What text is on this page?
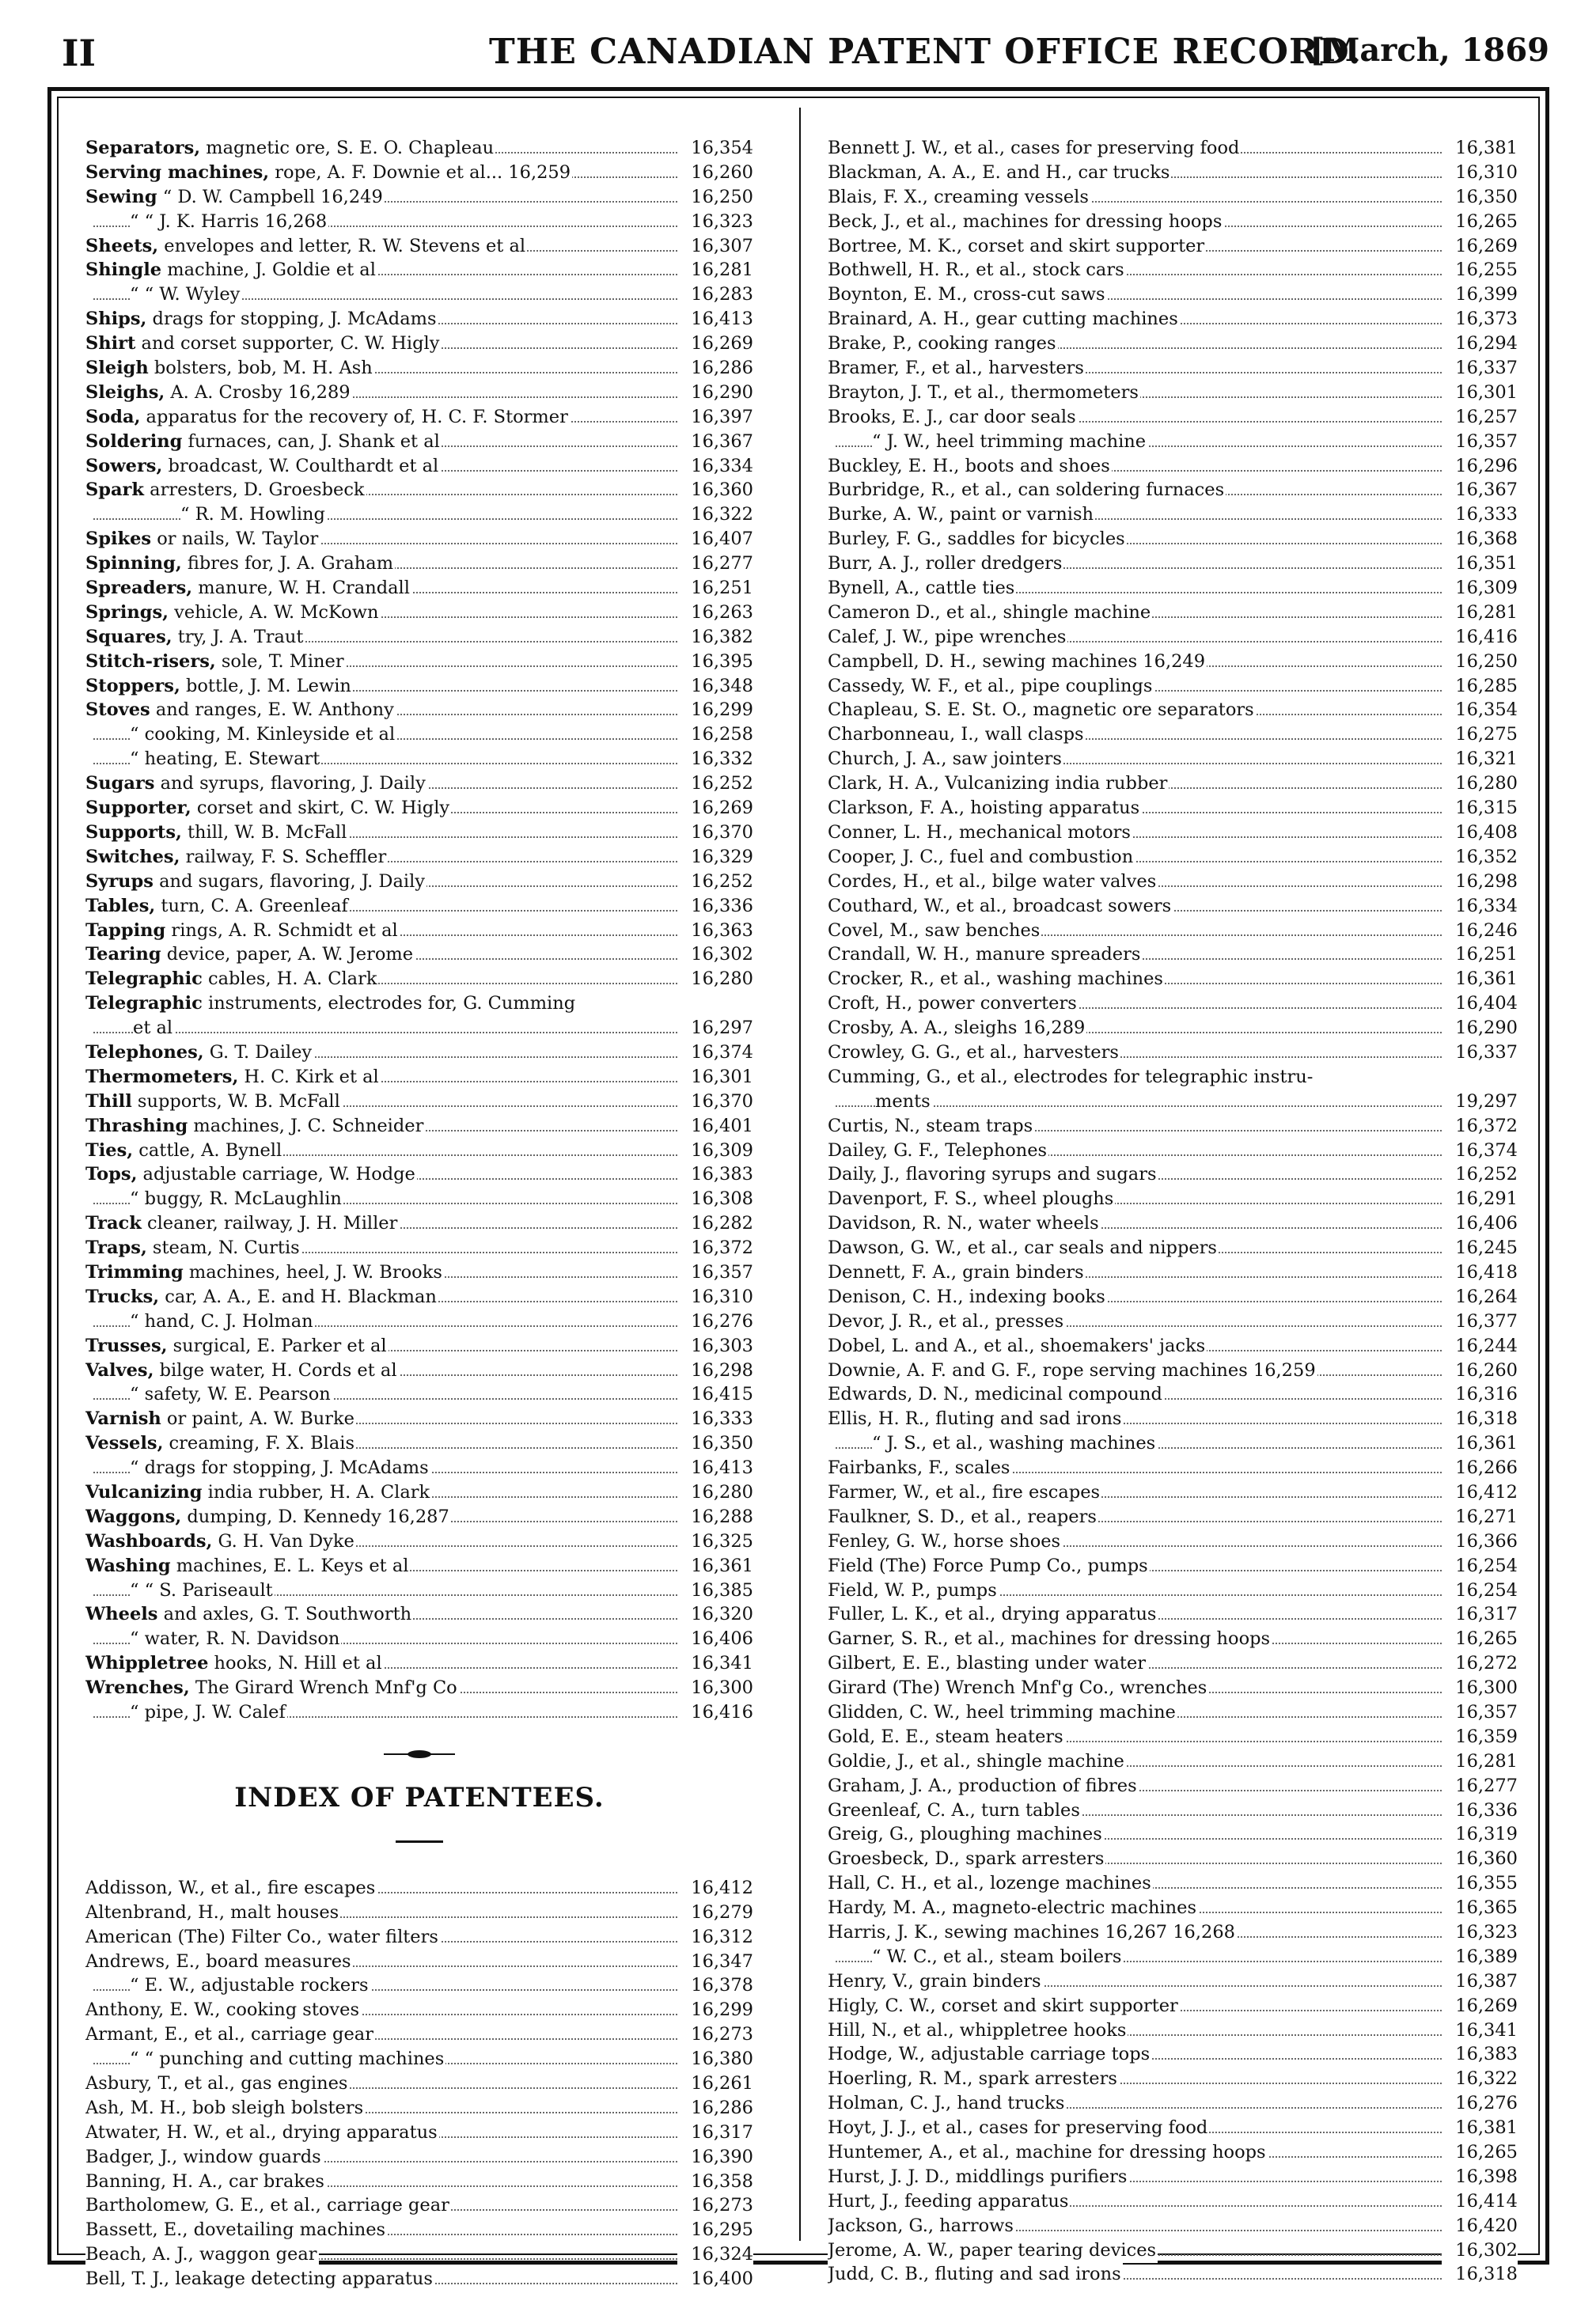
II	THE CANADIAN PATENT OFFICE RECORD.
[March, 1869
Separators, magnetic ore, S. E. O. Chapleau	16,354
Serving machines, rope, A. F. Downie et al... 16,259	16,260
Sewing “ D. W. Campbell 16,249	16,250
“ “ J. K. Harris 16,268	16,323
Sheets, envelopes and letter, R. W. Stevens et al	16,307
Shingle machine, J. Goldie et al	16,281
“ “ W. Wyley	16,283
Ships, drags for stopping, J. McAdams	16,413
Shirt and corset supporter, C. W. Higly	16,269
Sleigh bolsters, bob, M. H. Ash	16,286
Sleighs, A. A. Crosby 16,289	16,290
Soda, apparatus for the recovery of, H. C. F. Stormer	16,397
Soldering furnaces, can, J. Shank et al	16,367
Sowers, broadcast, W. Coulthardt et al	16,334
Spark arresters, D. Groesbeck	16,360
“ R. M. Howling	16,322
Spikes or nails, W. Taylor	16,407
Spinning, fibres for, J. A. Graham	16,277
Spreaders, manure, W. H. Crandall	16,251
Springs, vehicle, A. W. McKown	16,263
Squares, try, J. A. Traut	16,382
Stitch-risers, sole, T. Miner	16,395
Stoppers, bottle, J. M. Lewin	16,348
Stoves and ranges, E. W. Anthony	16,299
“ cooking, M. Kinleyside et al	16,258
“ heating, E. Stewart	16,332
Sugars and syrups, flavoring, J. Daily	16,252
Supporter, corset and skirt, C. W. Higly	16,269
Supports, thill, W. B. McFall	16,370
Switches, railway, F. S. Scheffler	16,329
Syrups and sugars, flavoring, J. Daily	16,252
Tables, turn, C. A. Greenleaf	16,336
Tapping rings, A. R. Schmidt et al	16,363
Tearing device, paper, A. W. Jerome	16,302
Telegraphic cables, H. A. Clark	16,280
Telegraphic instruments, electrodes for, G. Cumming
et al	16,297
Telephones, G. T. Dailey	16,374
Thermometers, H. C. Kirk et al	16,301
Thill supports, W. B. McFall	16,370
Thrashing machines, J. C. Schneider	16,401
Ties, cattle, A. Bynell	16,309
Tops, adjustable carriage, W. Hodge	16,383
“ buggy, R. McLaughlin	16,308
Track cleaner, railway, J. H. Miller	16,282
Traps, steam, N. Curtis	16,372
Trimming machines, heel, J. W. Brooks	16,357
Trucks, car, A. A., E. and H. Blackman	16,310
“ hand, C. J. Holman	16,276
Trusses, surgical, E. Parker et al	16,303
Valves, bilge water, H. Cords et al	16,298
“ safety, W. E. Pearson	16,415
Varnish or paint, A. W. Burke	16,333
Vessels, creaming, F. X. Blais	16,350
“ drags for stopping, J. McAdams	16,413
Vulcanizing india rubber, H. A. Clark	16,280
Waggons, dumping, D. Kennedy 16,287	16,288
Washboards, G. H. Van Dyke	16,325
Washing machines, E. L. Keys et al	16,361
“ “ S. Pariseault	16,385
Wheels and axles, G. T. Southworth	16,320
“ water, R. N. Davidson	16,406
Whippletree hooks, N. Hill et al	16,341
Wrenches, The Girard Wrench Mnf'g Co	16,300
“ pipe, J. W. Calef	16,416
INDEX OF PATENTEES.
Addisson, W., et al., fire escapes	16,412
Altenbrand, H., malt houses	16,279
American (The) Filter Co., water filters	16,312
Andrews, E., board measures	16,347
“ E. W., adjustable rockers	16,378
Anthony, E. W., cooking stoves	16,299
Armant, E., et al., carriage gear	16,273
“ “ punching and cutting machines	16,380
Asbury, T., et al., gas engines	16,261
Ash, M. H., bob sleigh bolsters	16,286
Atwater, H. W., et al., drying apparatus	16,317
Badger, J., window guards	16,390
Banning, H. A., car brakes	16,358
Bartholomew, G. E., et al., carriage gear	16,273
Bassett, E., dovetailing machines	16,295
Beach, A. J., waggon gear	16,324
Bell, T. J., leakage detecting apparatus	16,400
Bennett J. W., et al., cases for preserving food	16,381
Blackman, A. A., E. and H., car trucks	16,310
Blais, F. X., creaming vessels	16,350
Beck, J., et al., machines for dressing hoops	16,265
Bortree, M. K., corset and skirt supporter	16,269
Bothwell, H. R., et al., stock cars	16,255
Boynton, E. M., cross-cut saws	16,399
Brainard, A. H., gear cutting machines	16,373
Brake, P., cooking ranges	16,294
Bramer, F., et al., harvesters	16,337
Brayton, J. T., et al., thermometers	16,301
Brooks, E. J., car door seals	16,257
“ J. W., heel trimming machine	16,357
Buckley, E. H., boots and shoes	16,296
Burbridge, R., et al., can soldering furnaces	16,367
Burke, A. W., paint or varnish	16,333
Burley, F. G., saddles for bicycles	16,368
Burr, A. J., roller dredgers	16,351
Bynell, A., cattle ties	16,309
Cameron D., et al., shingle machine	16,281
Calef, J. W., pipe wrenches	16,416
Campbell, D. H., sewing machines 16,249	16,250
Cassedy, W. F., et al., pipe couplings	16,285
Chapleau, S. E. St. O., magnetic ore separators	16,354
Charbonneau, I., wall clasps	16,275
Church, J. A., saw jointers	16,321
Clark, H. A., Vulcanizing india rubber	16,280
Clarkson, F. A., hoisting apparatus	16,315
Conner, L. H., mechanical motors	16,408
Cooper, J. C., fuel and combustion	16,352
Cordes, H., et al., bilge water valves	16,298
Couthard, W., et al., broadcast sowers	16,334
Covel, M., saw benches	16,246
Crandall, W. H., manure spreaders	16,251
Crocker, R., et al., washing machines	16,361
Croft, H., power converters	16,404
Crosby, A. A., sleighs 16,289	16,290
Crowley, G. G., et al., harvesters	16,337
Cumming, G., et al., electrodes for telegraphic instru-
ments	19,297
Curtis, N., steam traps	16,372
Dailey, G. F., Telephones	16,374
Daily, J., flavoring syrups and sugars	16,252
Davenport, F. S., wheel ploughs	16,291
Davidson, R. N., water wheels	16,406
Dawson, G. W., et al., car seals and nippers	16,245
Dennett, F. A., grain binders	16,418
Denison, C. H., indexing books	16,264
Devor, J. R., et al., presses	16,377
Dobel, L. and A., et al., shoemakers' jacks	16,244
Downie, A. F. and G. F., rope serving machines 16,259	16,260
Edwards, D. N., medicinal compound	16,316
Ellis, H. R., fluting and sad irons	16,318
“ J. S., et al., washing machines	16,361
Fairbanks, F., scales	16,266
Farmer, W., et al., fire escapes	16,412
Faulkner, S. D., et al., reapers	16,271
Fenley, G. W., horse shoes	16,366
Field (The) Force Pump Co., pumps	16,254
Field, W. P., pumps	16,254
Fuller, L. K., et al., drying apparatus	16,317
Garner, S. R., et al., machines for dressing hoops	16,265
Gilbert, E. E., blasting under water	16,272
Girard (The) Wrench Mnf'g Co., wrenches	16,300
Glidden, C. W., heel trimming machine	16,357
Gold, E. E., steam heaters	16,359
Goldie, J., et al., shingle machine	16,281
Graham, J. A., production of fibres	16,277
Greenleaf, C. A., turn tables	16,336
Greig, G., ploughing machines	16,319
Groesbeck, D., spark arresters	16,360
Hall, C. H., et al., lozenge machines	16,355
Hardy, M. A., magneto-electric machines	16,365
Harris, J. K., sewing machines 16,267 16,268	16,323
“ W. C., et al., steam boilers	16,389
Henry, V., grain binders	16,387
Higly, C. W., corset and skirt supporter	16,269
Hill, N., et al., whippletree hooks	16,341
Hodge, W., adjustable carriage tops	16,383
Hoerling, R. M., spark arresters	16,322
Holman, C. J., hand trucks	16,276
Hoyt, J. J., et al., cases for preserving food	16,381
Huntemer, A., et al., machine for dressing hoops	16,265
Hurst, J. J. D., middlings purifiers	16,398
Hurt, J., feeding apparatus	16,414
Jackson, G., harrows	16,420
Jerome, A. W., paper tearing devices	16,302
Judd, C. B., fluting and sad irons	16,318
